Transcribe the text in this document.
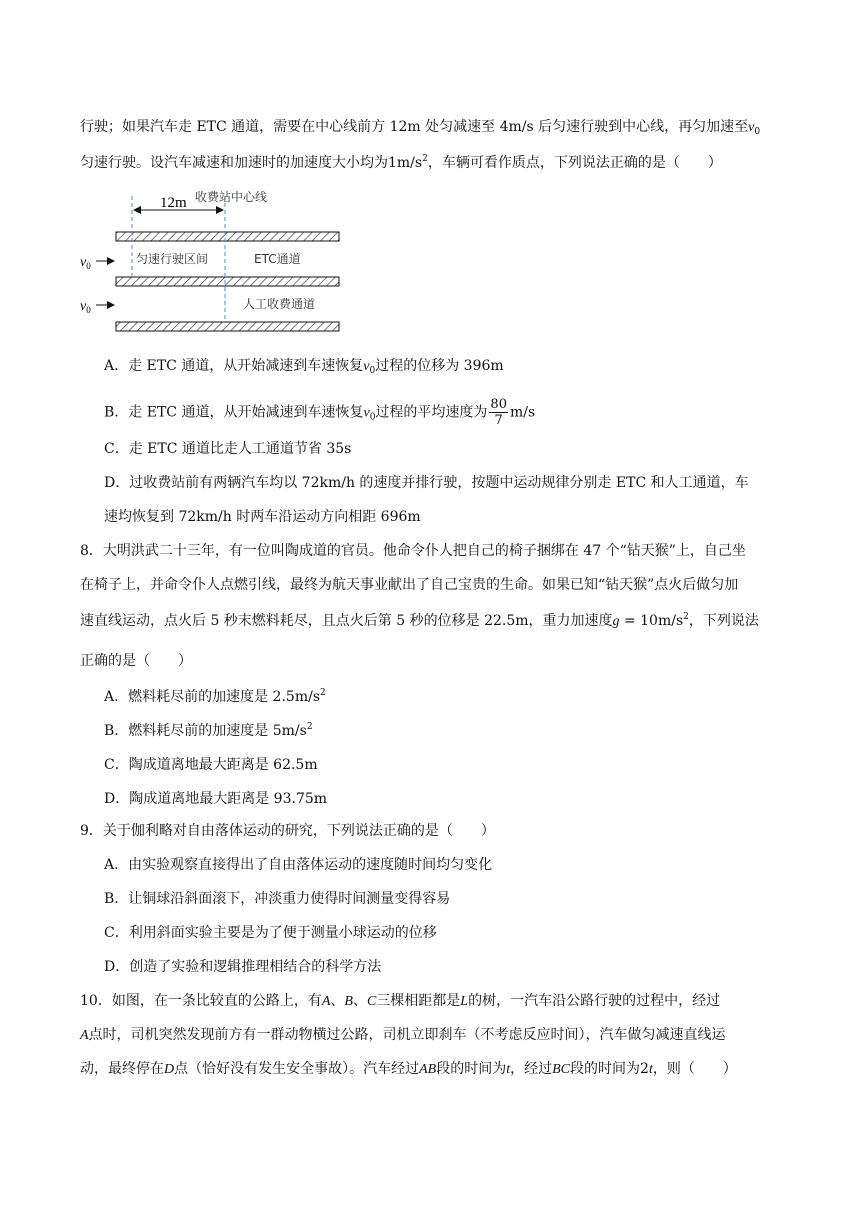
行驶；如果汽车走 ETC 通道，需要在中心线前方 12m 处匀减速至 4m/s 后匀速行驶到中心线，再匀加速至$v_0$
匀速行驶。设汽车减速和加速时的加速度大小均为$1m/s^2$，车辆可看作质点，下列说法正确的是（　　）
12m 收费站中心线
匀速行驶区间	ETC通道
人工收费通道
$v_0$
$v_0$
A．走 ETC 通道，从开始减速到车速恢复$v_0$过程的位移为 396m
B．走 ETC 通道，从开始减速到车速恢复$v_0$过程的平均速度为 $\frac{80}{7} m/s$
C．走 ETC 通道比走人工通道节省 35s
D．过收费站前有两辆汽车均以 72km/h 的速度并排行驶，按题中运动规律分别走 ETC 和人工通道，车
速均恢复到 72km/h 时两车沿运动方向相距 696m
8．大明洪武二十三年，有一位叫陶成道的官员。他命令仆人把自己的椅子捆绑在 47 个“钻天猴”上，自己坐
在椅子上，并命令仆人点燃引线，最终为航天事业献出了自己宝贵的生命。如果已知“钻天猴”点火后做匀加
速直线运动，点火后 5 秒末燃料耗尽，且点火后第 5 秒的位移是 22.5m，重力加速度$g = 10m/s^2$，下列说法
正确的是（　　）
A．燃料耗尽前的加速度是 $2.5m/s^2$
B．燃料耗尽前的加速度是 $5m/s^2$
C．陶成道离地最大距离是 62.5m
D．陶成道离地最大距离是 93.75m
9．关于伽利略对自由落体运动的研究，下列说法正确的是（　　）
A．由实验观察直接得出了自由落体运动的速度随时间均匀变化
B．让铜球沿斜面滚下，冲淡重力使得时间测量变得容易
C．利用斜面实验主要是为了便于测量小球运动的位移
D．创造了实验和逻辑推理相结合的科学方法
10．如图，在一条比较直的公路上，有A、B、C三棵相距都是L的树，一汽车沿公路行驶的过程中，经过
A点时，司机突然发现前方有一群动物横过公路，司机立即刹车（不考虑反应时间），汽车做匀减速直线运
动，最终停在D点（恰好没有发生安全事故）。汽车经过AB段的时间为t，经过BC段的时间为2t，则（　　）
